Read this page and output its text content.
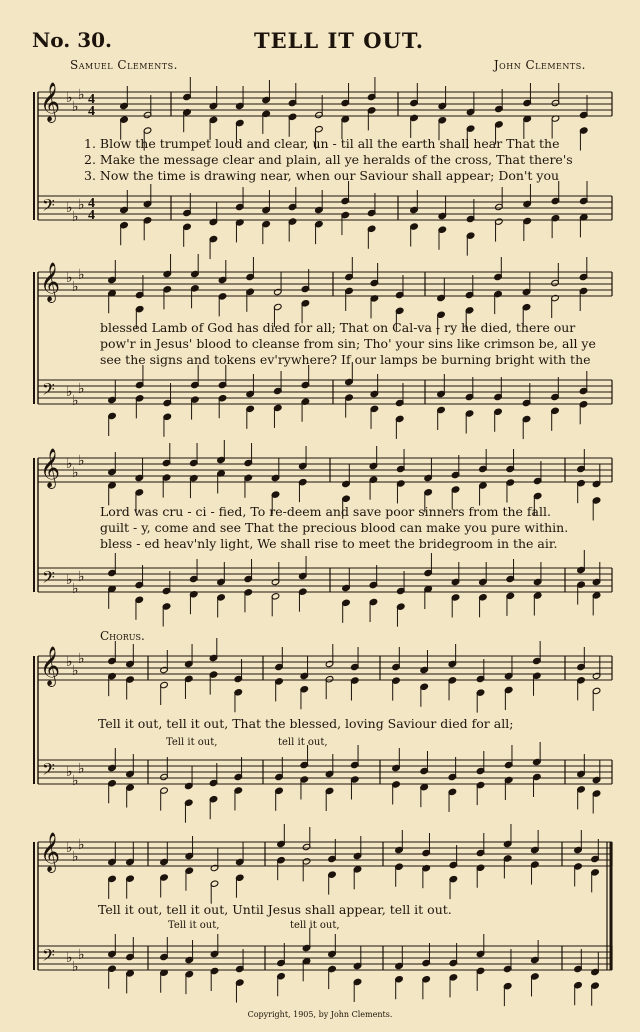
No. 30.	TELL IT OUT.
Samuel Clements.	John Clements.
𝄞
𝄢
♭
♭
♭
♭
♭
♭
4
4
4
4
𝄞
𝄢
♭
♭
♭
♭
♭
♭
𝄞
𝄢
♭
♭
♭
♭
♭
♭
𝄞
𝄢
♭
♭
♭
♭
♭
♭
𝄞
𝄢
♭
♭
♭
♭
♭
♭
1. Blow the trumpet loud and clear, un - til all the earth shall hear That the
2. Make the message clear and plain, all ye heralds of the cross, That there's
3. Now the time is drawing near, when our Saviour shall appear; Don't you
blessed Lamb of God has died for all; That on Cal-va - ry he died, there our
pow'r in Jesus' blood to cleanse from sin; Tho' your sins like crimson be, all ye
see the signs and tokens ev'rywhere? If our lamps be burning bright with the
Lord was cru - ci - fied, To re-deem and save poor sinners from the fall.
guilt - y, come and see That the precious blood can make you pure within.
bless - ed heav'nly light, We shall rise to meet the bridegroom in the air.
Chorus.
Tell it out, tell it out, That the blessed, loving Saviour died for all;
Tell it out,	tell it out,
Tell it out, tell it out, Until Jesus shall appear, tell it out.
Tell it out,	tell it out,
Copyright, 1905, by John Clements.
